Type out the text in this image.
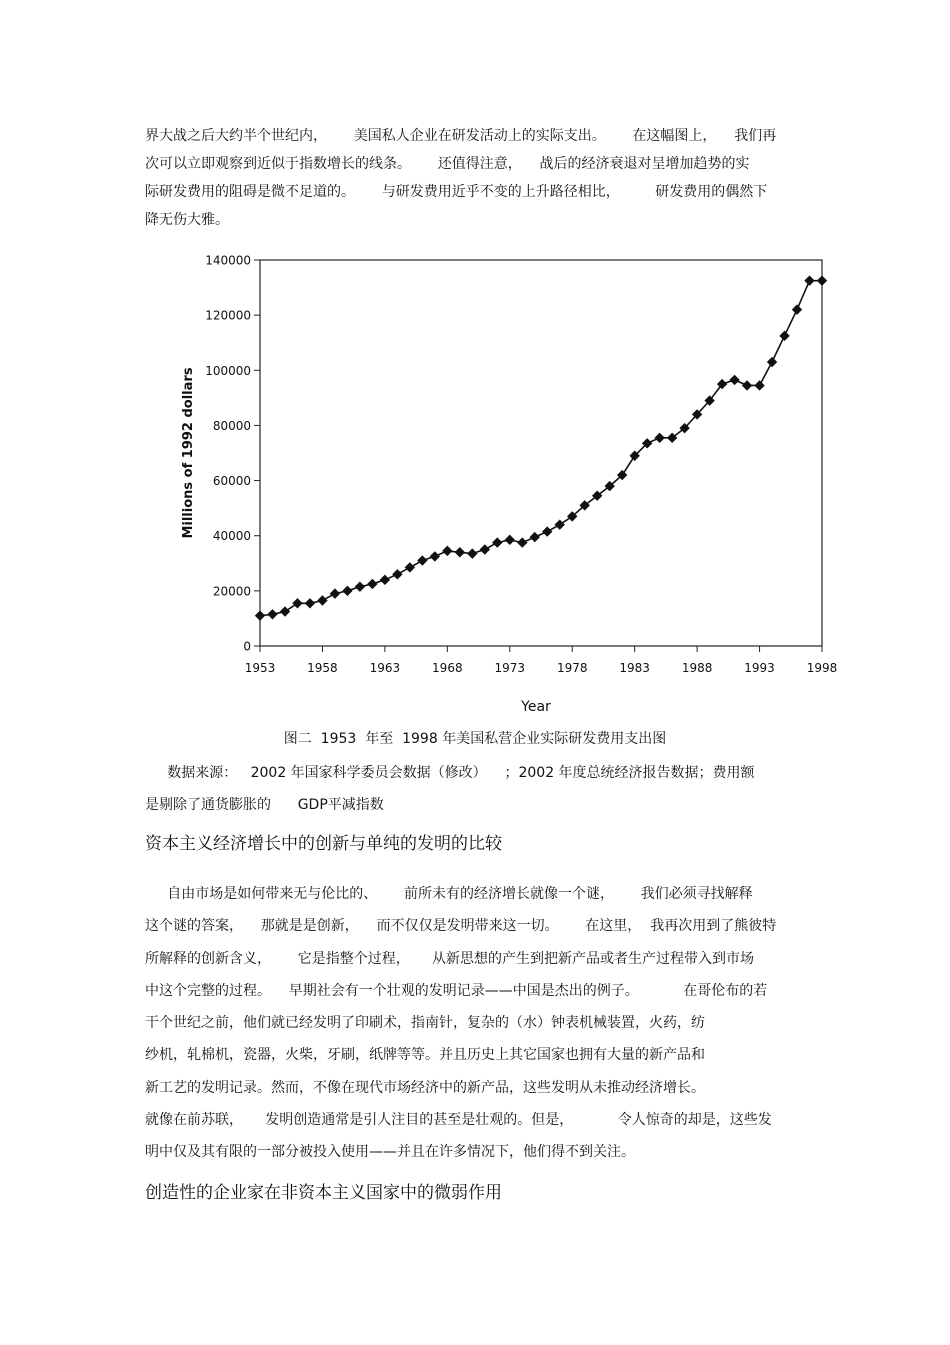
界大战之后大约半个世纪内，      美国私人企业在研发活动上的实际支出。      在这幅图上，    我们再
次可以立即观察到近似于指数增长的线条。      还值得注意，    战后的经济衰退对呈增加趋势的实
际研发费用的阻碍是微不足道的。      与研发费用近乎不变的上升路径相比，        研发费用的偶然下
降无伤大雅。
0
20000
40000
60000
80000
100000
120000
140000
1953	1958	1963	1968	1973	1978	1983	1988	1993	1998
Millions of 1992 dollars
Year
图二  1953  年至  1998 年美国私营企业实际研发费用支出图
数据来源：   2002 年国家科学委员会数据（修改）    ；2002 年度总统经济报告数据；费用额
是剔除了通货膨胀的      GDP平减指数
资本主义经济增长中的创新与单纯的发明的比较
自由市场是如何带来无与伦比的、      前所未有的经济增长就像一个谜，      我们必须寻找解释
这个谜的答案，    那就是是创新，    而不仅仅是发明带来这一切。      在这里，  我再次用到了熊彼特
所解释的创新含义，      它是指整个过程，     从新思想的产生到把新产品或者生产过程带入到市场
中这个完整的过程。    早期社会有一个壮观的发明记录——中国是杰出的例子。          在哥伦布的若
干个世纪之前，他们就已经发明了印刷术，指南针，复杂的（水）钟表机械装置，火药，纺
纱机，轧棉机，瓷器，火柴，牙刷，纸牌等等。并且历史上其它国家也拥有大量的新产品和
新工艺的发明记录。然而，不像在现代市场经济中的新产品，这些发明从未推动经济增长。
就像在前苏联，     发明创造通常是引人注目的甚至是壮观的。但是，          令人惊奇的却是，这些发
明中仅及其有限的一部分被投入使用——并且在许多情况下，他们得不到关注。
创造性的企业家在非资本主义国家中的微弱作用
